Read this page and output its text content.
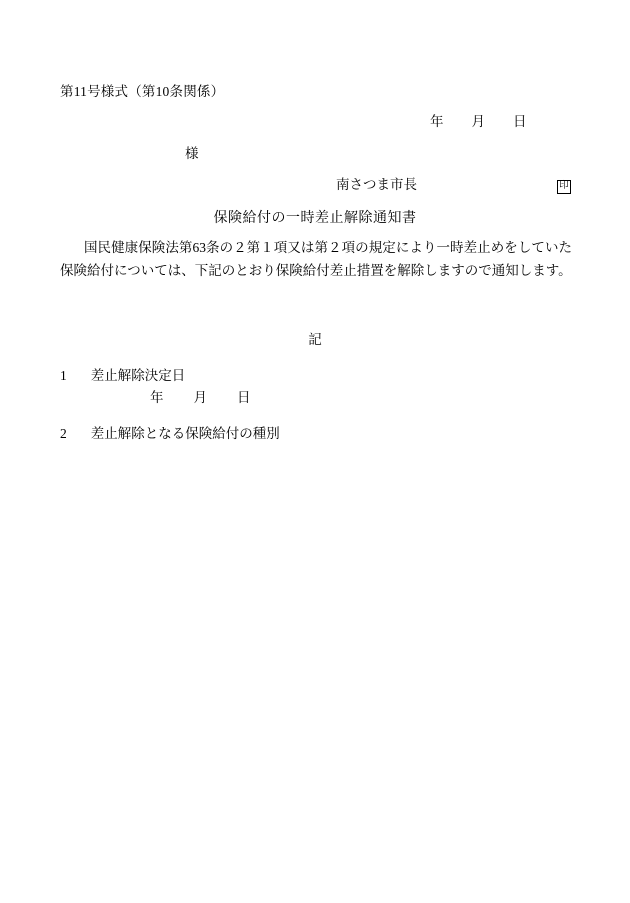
第11号様式（第10条関係）
年 月 日
様
南さつま市長	印
保険給付の一時差止解除通知書
国民健康保険法第63条の２第１項又は第２項の規定により一時差止めをしていた保険給付については、下記のとおり保険給付差止措置を解除しますので通知します。
記
1 差止解除決定日
年 月 日
2 差止解除となる保険給付の種別
